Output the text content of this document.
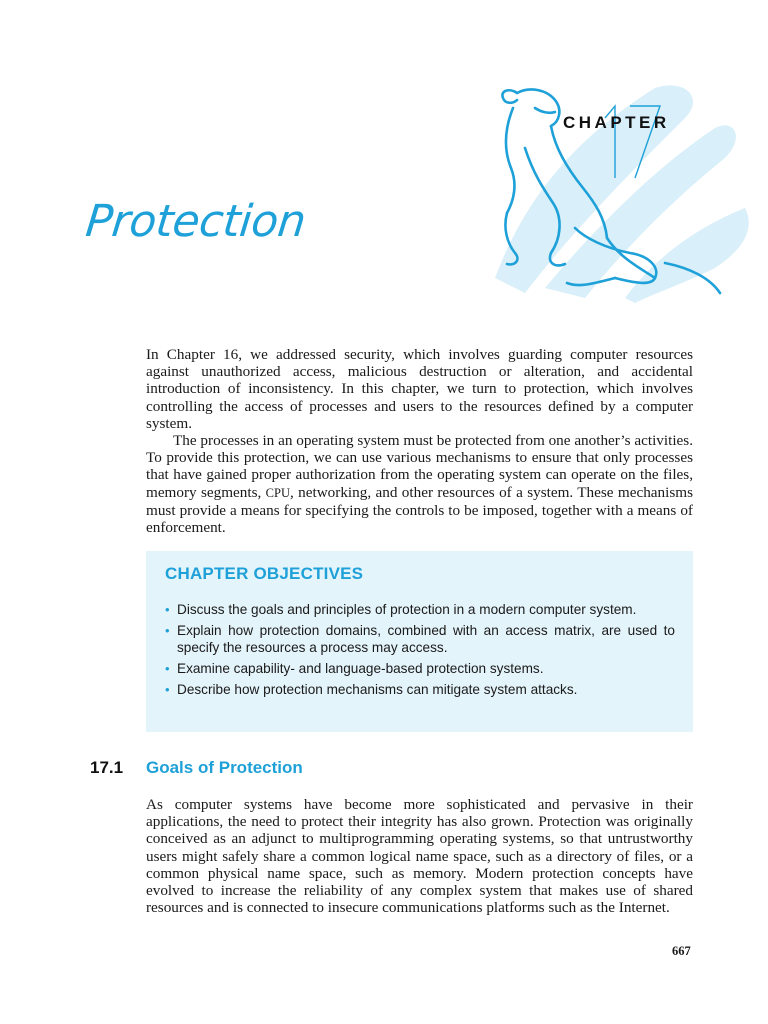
CHAPTER
Protection

In Chapter 16, we addressed security, which involves guarding computer resources against unauthorized access, malicious destruction or alteration, and accidental introduction of inconsistency. In this chapter, we turn to protection, which involves controlling the access of processes and users to the resources defined by a computer system.

The processes in an operating system must be protected from one another’s activities. To provide this protection, we can use various mechanisms to ensure that only processes that have gained proper authorization from the operating system can operate on the files, memory segments, CPU, networking, and other resources of a system. These mechanisms must provide a means for specifying the controls to be imposed, together with a means of enforcement.

CHAPTER OBJECTIVES
• Discuss the goals and principles of protection in a modern computer system.
• Explain how protection domains, combined with an access matrix, are used to specify the resources a process may access.
• Examine capability- and language-based protection systems.
• Describe how protection mechanisms can mitigate system attacks.
17.1 Goals of Protection

As computer systems have become more sophisticated and pervasive in their applications, the need to protect their integrity has also grown. Protection was originally conceived as an adjunct to multiprogramming operating systems, so that untrustworthy users might safely share a common logical name space, such as a directory of files, or a common physical name space, such as memory. Modern protection concepts have evolved to increase the reliability of any complex system that makes use of shared resources and is connected to insecure communications platforms such as the Internet.

667
